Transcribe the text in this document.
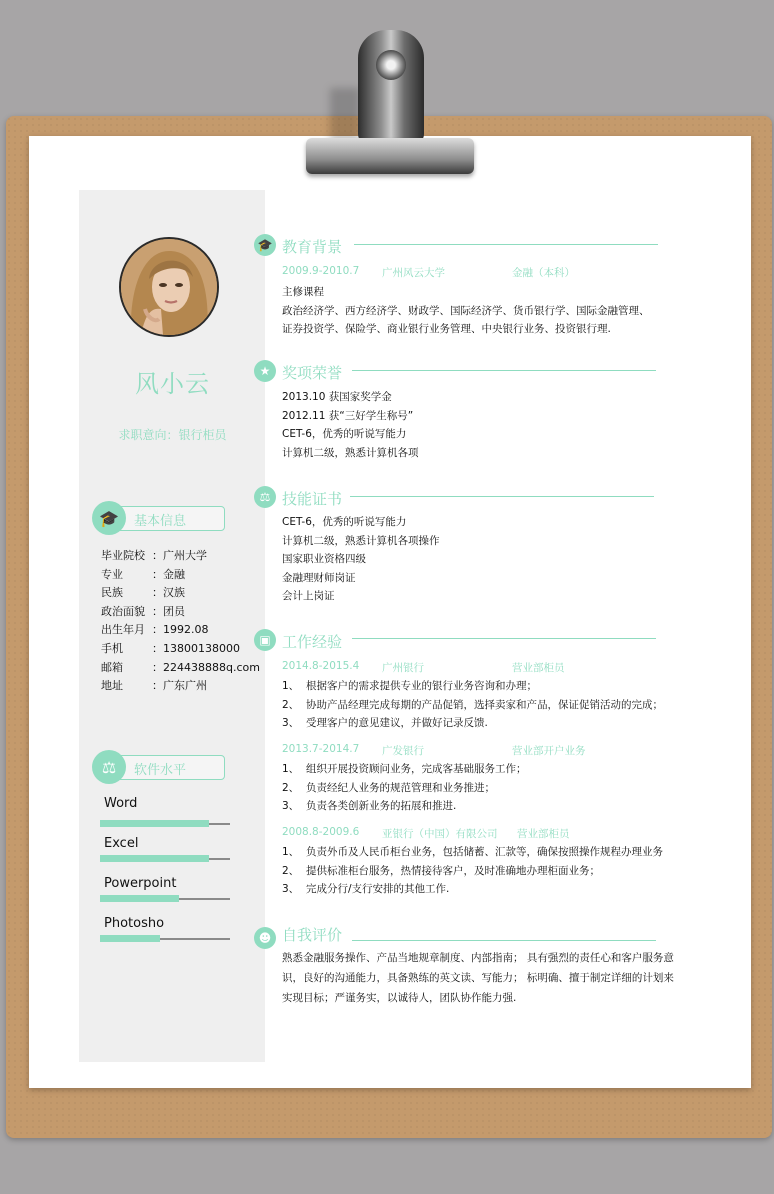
风小云
求职意向：银行柜员
🎓	基本信息
毕业院校 ： 广州大学
专业	： 金融
民族	： 汉族
政治面貌 ： 团员
出生年月 ： 1992.08
手机	： 13800138000
邮箱	： 224438888q.com
地址	： 广东广州
⚖	软件水平
Word
Excel
Powerpoint
Photosho
🎓 教育背景
2009.9-2010.7 广州风云大学	金融（本科）
主修课程
政治经济学、西方经济学、财政学、国际经济学、货币银行学、国际金融管理、
证券投资学、保险学、商业银行业务管理、中央银行业务、投资银行理.
★ 奖项荣誉
2013.10 获国家奖学金
2012.11 获“三好学生称号”
CET-6，优秀的听说写能力
计算机二级，熟悉计算机各项
⚖ 技能证书
CET-6，优秀的听说写能力
计算机二级，熟悉计算机各项操作
国家职业资格四级
金融理财师岗证
会计上岗证
▣ 工作经验
2014.8-2015.4 广州银行	营业部柜员
1、 根据客户的需求提供专业的银行业务咨询和办理；
2、 协助产品经理完成每期的产品促销，选择卖家和产品，保证促销活动的完成；
3、 受理客户的意见建议，并做好记录反馈.
2013.7-2014.7 广发银行	营业部开户业务
1、 组织开展投资顾问业务，完成客基础服务工作；
2、 负责经纪人业务的规范管理和业务推进；
3、 负责各类创新业务的拓展和推进.
2008.8-2009.6 亚银行（中国）有限公司 营业部柜员
1、 负责外币及人民币柜台业务，包括储蓄、汇款等，确保按照操作规程办理业务
2、 提供标准柜台服务，热情接待客户，及时准确地办理柜面业务；
3、 完成分行/支行安排的其他工作.
☻ 自我评价
熟悉金融服务操作、产品当地规章制度、内部指南； 具有强烈的责任心和客户服务意识，良好的沟通能力，具备熟练的英文读、写能力； 标明确、擅于制定详细的计划来实现目标；严谨务实，以诚待人，团队协作能力强.
